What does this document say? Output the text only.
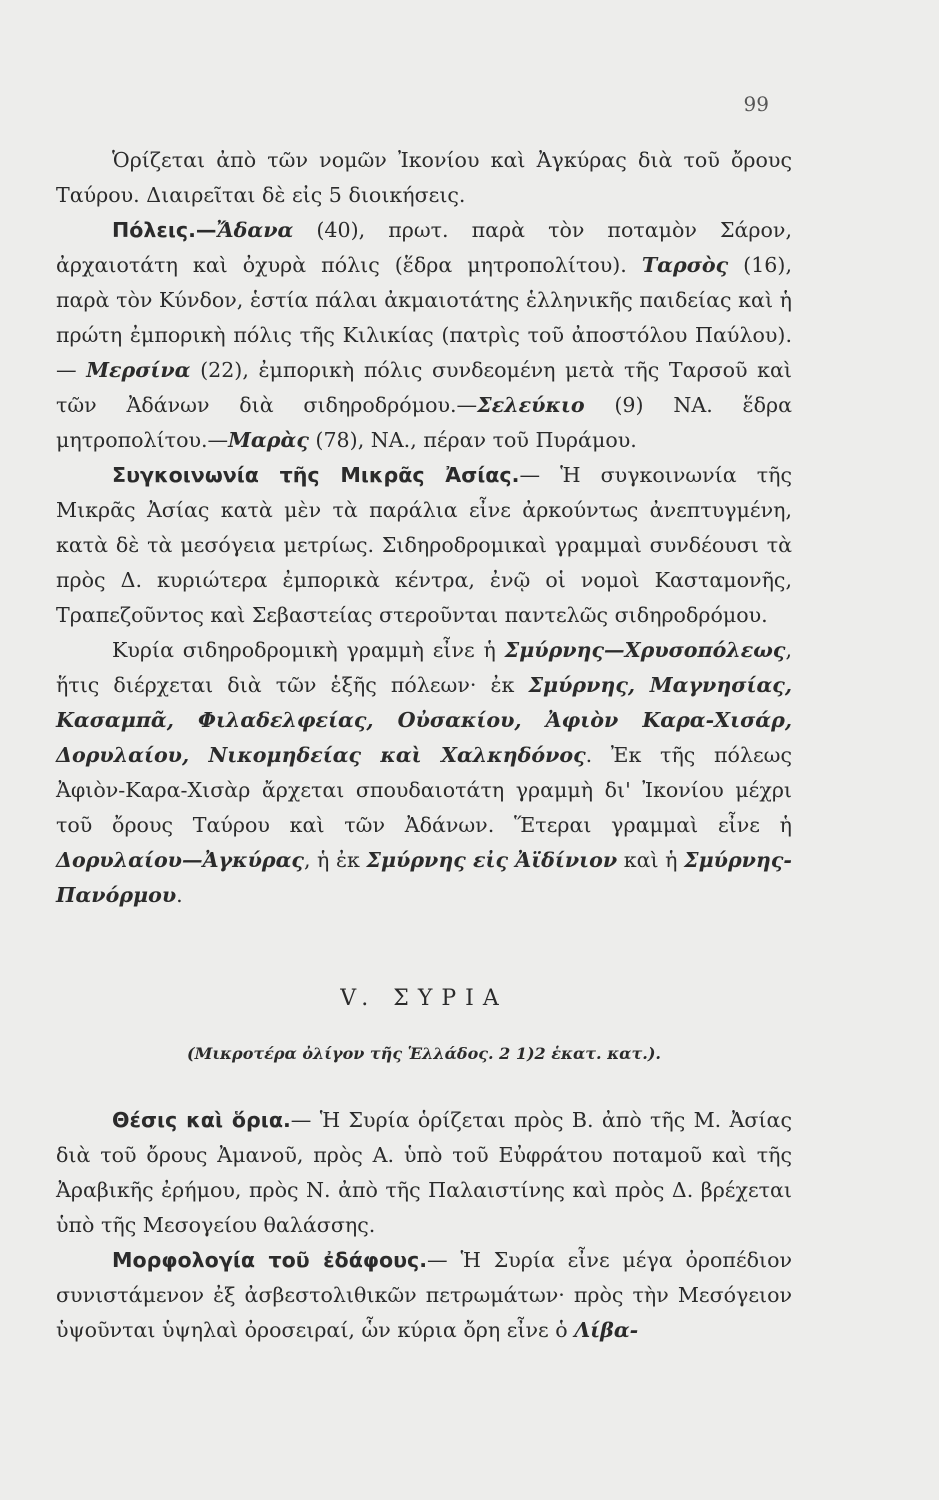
99

Ὁρίζεται ἀπὸ τῶν νομῶν Ἰκονίου καὶ Ἀγκύρας διὰ τοῦ ὄρους Ταύρου. Διαιρεῖται δὲ εἰς 5 διοικήσεις.

Πόλεις.—Ἄδανα (40), πρωτ. παρὰ τὸν ποταμὸν Σάρον, ἀρχαιοτάτη καὶ ὀχυρὰ πόλις (ἕδρα μητροπολίτου). Ταρσὸς (16), παρὰ τὸν Κύνδον, ἑστία πάλαι ἀκμαιοτάτης ἑλληνικῆς παιδείας καὶ ἡ πρώτη ἐμπορικὴ πόλις τῆς Κιλικίας (πατρὶς τοῦ ἀποστόλου Παύλου).— Μερσίνα (22), ἐμπορικὴ πόλις συνδεομένη μετὰ τῆς Ταρσοῦ καὶ τῶν Ἀδάνων διὰ σιδηροδρόμου.—Σελεύκιο (9) ΝΑ. ἕδρα μητροπολίτου.—Μαρὰς (78), ΝΑ., πέραν τοῦ Πυράμου.

Συγκοινωνία τῆς Μικρᾶς Ἀσίας.— Ἡ συγκοινωνία τῆς Μικρᾶς Ἀσίας κατὰ μὲν τὰ παράλια εἶνε ἀρκούντως ἀνεπτυγμένη, κατὰ δὲ τὰ μεσόγεια μετρίως. Σιδηροδρομικαὶ γραμμαὶ συνδέουσι τὰ πρὸς Δ. κυριώτερα ἐμπορικὰ κέντρα, ἐνῷ οἱ νομοὶ Κασταμονῆς, Τραπεζοῦντος καὶ Σεβαστείας στεροῦνται παντελῶς σιδηροδρόμου.

Κυρία σιδηροδρομικὴ γραμμὴ εἶνε ἡ Σμύρνης—Χρυσοπόλεως, ἥτις διέρχεται διὰ τῶν ἑξῆς πόλεων· ἐκ Σμύρνης, Μαγνησίας, Κασαμπᾶ, Φιλαδελφείας, Οὐσακίου, Ἀφιὸν Καρα-Χισάρ, Δορυλαίου, Νικομηδείας καὶ Χαλκηδόνος. Ἐκ τῆς πόλεως Ἀφιὸν-Καρα-Χισὰρ ἄρχεται σπουδαιοτάτη γραμμὴ δι' Ἰκονίου μέχρι τοῦ ὄρους Ταύρου καὶ τῶν Ἀδάνων. Ἕτεραι γραμμαὶ εἶνε ἡ Δορυλαίου—Ἀγκύρας, ἡ ἐκ Σμύρνης εἰς Ἀϊδίνιον καὶ ἡ Σμύρνης-Πανόρμου.

V. ΣΥΡΙΑ
(Μικροτέρα ὀλίγον τῆς Ἑλλάδος. 2 1)2 ἑκατ. κατ.).

Θέσις καὶ ὅρια.— Ἡ Συρία ὁρίζεται πρὸς Β. ἀπὸ τῆς Μ. Ἀσίας διὰ τοῦ ὄρους Ἀμανοῦ, πρὸς Α. ὑπὸ τοῦ Εὐφράτου ποταμοῦ καὶ τῆς Ἀραβικῆς ἐρήμου, πρὸς Ν. ἀπὸ τῆς Παλαιστίνης καὶ πρὸς Δ. βρέχεται ὑπὸ τῆς Μεσογείου θαλάσσης.

Μορφολογία τοῦ ἐδάφους.— Ἡ Συρία εἶνε μέγα ὀροπέδιον συνιστάμενον ἐξ ἀσβεστολιθικῶν πετρωμάτων· πρὸς τὴν Μεσόγειον ὑψοῦνται ὑψηλαὶ ὀροσειραί, ὧν κύρια ὄρη εἶνε ὁ Λίβα-
